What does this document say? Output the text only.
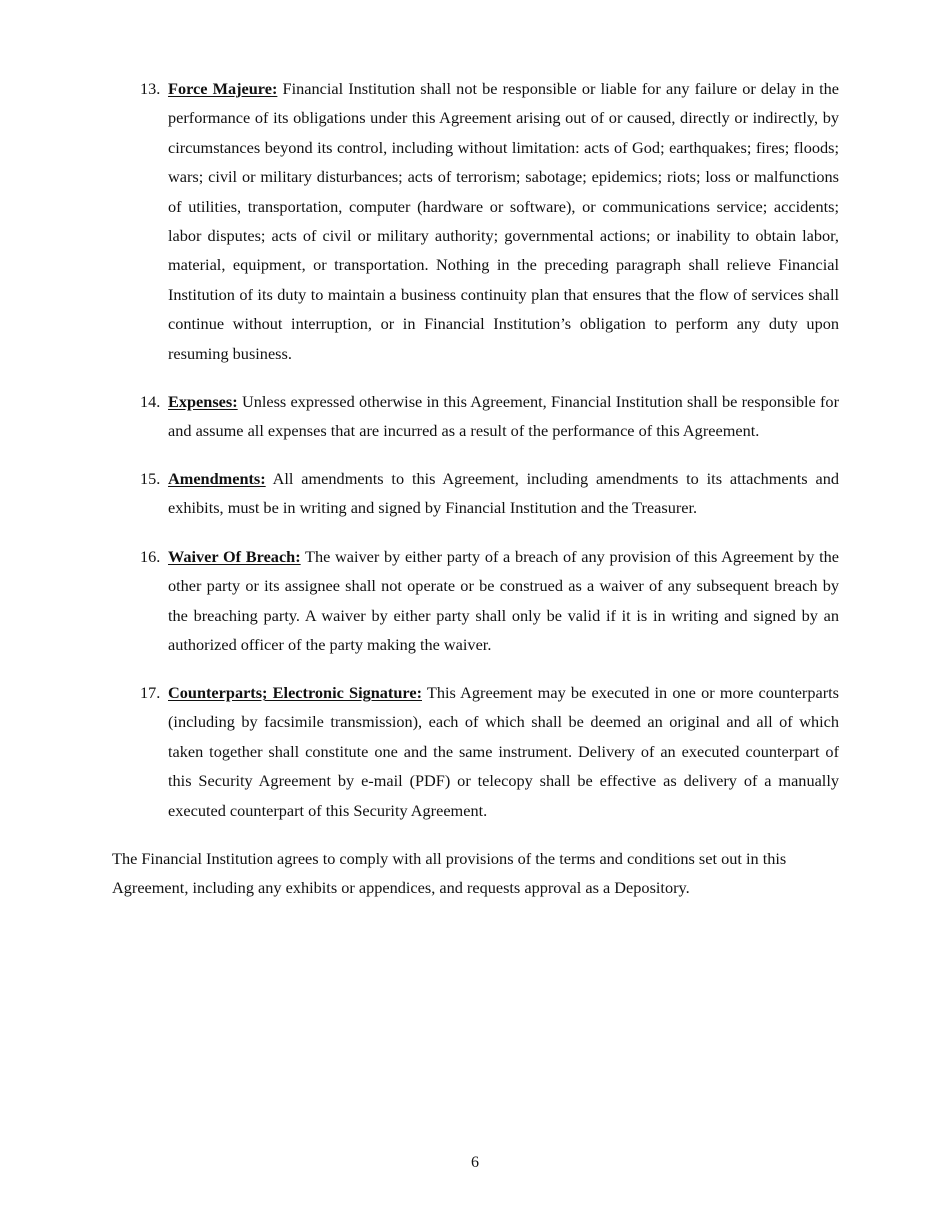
13. Force Majeure: Financial Institution shall not be responsible or liable for any failure or delay in the performance of its obligations under this Agreement arising out of or caused, directly or indirectly, by circumstances beyond its control, including without limitation: acts of God; earthquakes; fires; floods; wars; civil or military disturbances; acts of terrorism; sabotage; epidemics; riots; loss or malfunctions of utilities, transportation, computer (hardware or software), or communications service; accidents; labor disputes; acts of civil or military authority; governmental actions; or inability to obtain labor, material, equipment, or transportation. Nothing in the preceding paragraph shall relieve Financial Institution of its duty to maintain a business continuity plan that ensures that the flow of services shall continue without interruption, or in Financial Institution’s obligation to perform any duty upon resuming business.
14. Expenses: Unless expressed otherwise in this Agreement, Financial Institution shall be responsible for and assume all expenses that are incurred as a result of the performance of this Agreement.
15. Amendments: All amendments to this Agreement, including amendments to its attachments and exhibits, must be in writing and signed by Financial Institution and the Treasurer.
16. Waiver Of Breach: The waiver by either party of a breach of any provision of this Agreement by the other party or its assignee shall not operate or be construed as a waiver of any subsequent breach by the breaching party. A waiver by either party shall only be valid if it is in writing and signed by an authorized officer of the party making the waiver.
17. Counterparts; Electronic Signature: This Agreement may be executed in one or more counterparts (including by facsimile transmission), each of which shall be deemed an original and all of which taken together shall constitute one and the same instrument. Delivery of an executed counterpart of this Security Agreement by e-mail (PDF) or telecopy shall be effective as delivery of a manually executed counterpart of this Security Agreement.
The Financial Institution agrees to comply with all provisions of the terms and conditions set out in this Agreement, including any exhibits or appendices, and requests approval as a Depository.
6
